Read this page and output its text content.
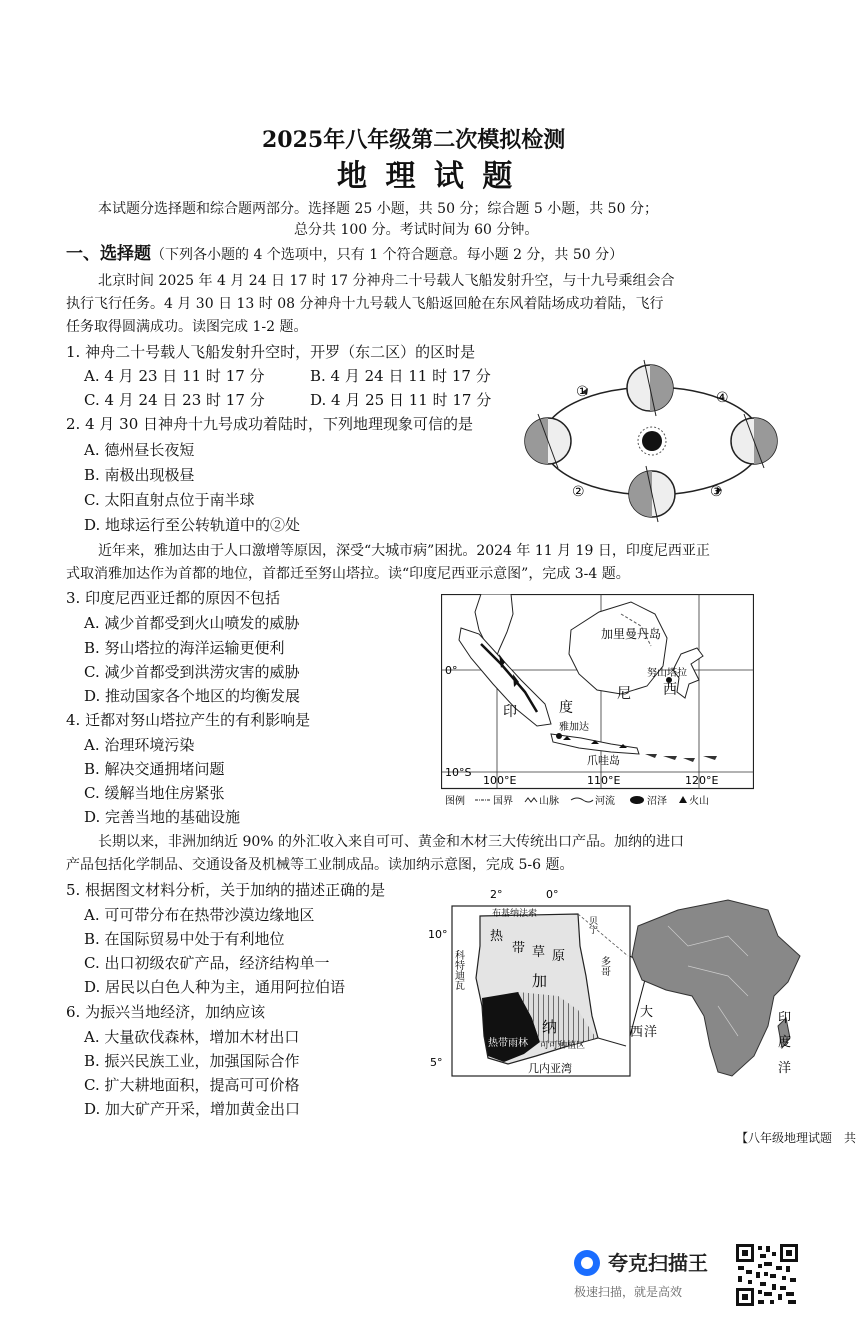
2025年八年级第二次模拟检测
地 理 试 题
本试题分选择题和综合题两部分。选择题 25 小题，共 50 分；综合题 5 小题，共 50 分；
总分共 100 分。考试时间为 60 分钟。
一、选择题（下列各小题的 4 个选项中，只有 1 个符合题意。每小题 2 分，共 50 分）
北京时间 2025 年 4 月 24 日 17 时 17 分神舟二十号载人飞船发射升空，与十九号乘组会合
执行飞行任务。4 月 30 日 13 时 08 分神舟十九号载人飞船返回舱在东风着陆场成功着陆，飞行
任务取得圆满成功。读图完成 1-2 题。
1. 神舟二十号载人飞船发射升空时，开罗（东二区）的区时是
A. 4 月 23 日 11 时 17 分	B. 4 月 24 日 11 时 17 分
C. 4 月 24 日 23 时 17 分	D. 4 月 25 日 11 时 17 分
2. 4 月 30 日神舟十九号成功着陆时，下列地理现象可信的是
A. 德州昼长夜短
B. 南极出现极昼
C. 太阳直射点位于南半球
D. 地球运行至公转轨道中的②处
①	④
②	③
近年来，雅加达由于人口激增等原因，深受“大城市病”困扰。2024 年 11 月 19 日，印度尼西亚正
式取消雅加达作为首都的地位，首都迁至努山塔拉。读“印度尼西亚示意图”，完成 3-4 题。
3. 印度尼西亚迁都的原因不包括
A. 减少首都受到火山喷发的威胁
B. 努山塔拉的海洋运输更便利
C. 减少首都受到洪涝灾害的威胁
D. 推动国家各个地区的均衡发展
4. 迁都对努山塔拉产生的有利影响是
A. 治理环境污染
B. 解决交通拥堵问题
C. 缓解当地住房紧张
D. 完善当地的基础设施
0°
10°S
100°E	110°E	120°E
加里曼丹岛
印	度
尼 西
努山塔拉
雅加达
爪哇岛
图例	国界	山脉	河流	沼泽 火山
长期以来，非洲加纳近 90% 的外汇收入来自可可、黄金和木材三大传统出口产品。加纳的进口
产品包括化学制品、交通设备及机械等工业制成品。读加纳示意图，完成 5-6 题。
5. 根据图文材料分析，关于加纳的描述正确的是
A. 可可带分布在热带沙漠边缘地区
B. 在国际贸易中处于有利地位
C. 出口初级农矿产品，经济结构单一
D. 居民以白色人种为主，通用阿拉伯语
6. 为振兴当地经济，加纳应该
A. 大量砍伐森林，增加木材出口
B. 振兴民族工业，加强国际合作
C. 扩大耕地面积，提高可可价格
D. 加大矿产开采，增加黄金出口
2°	0°
10°
5°
布基纳法索
贝宁
多哥
科特迪瓦
热
带 草 原
加
纳
热带雨林 可可种植区
几内亚湾
大
西 洋
印
度
洋
【八年级地理试题　共
夸克扫描王
极速扫描，就是高效
